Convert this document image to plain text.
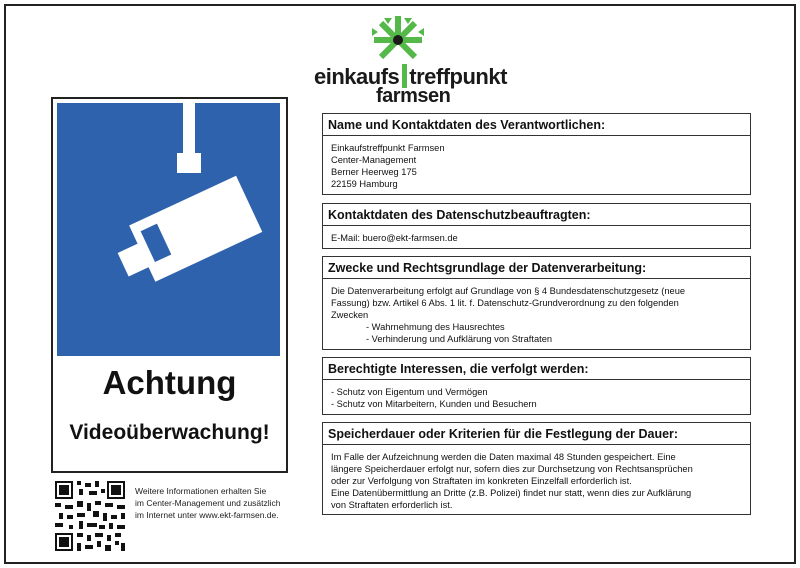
einkaufs treffpunkt
farmsen
Achtung
Videoüberwachung!
Weitere Informationen erhalten Sie
im Center-Management und zusätzlich
im Internet unter www.ekt-farmsen.de.
Name und Kontaktdaten des Verantwortlichen:
Einkaufstreffpunkt Farmsen
Center-Management
Berner Heerweg 175
22159 Hamburg
Kontaktdaten des Datenschutzbeauftragten:
E-Mail: buero@ekt-farmsen.de
Zwecke und Rechtsgrundlage der Datenverarbeitung:
Die Datenverarbeitung erfolgt auf Grundlage von § 4 Bundesdatenschutzgesetz (neue
Fassung) bzw. Artikel 6 Abs. 1 lit. f. Datenschutz-Grundverordnung zu den folgenden
Zwecken
- Wahrnehmung des Hausrechtes
- Verhinderung und Aufklärung von Straftaten
Berechtigte Interessen, die verfolgt werden:
- Schutz von Eigentum und Vermögen
- Schutz von Mitarbeitern, Kunden und Besuchern
Speicherdauer oder Kriterien für die Festlegung der Dauer:
Im Falle der Aufzeichnung werden die Daten maximal 48 Stunden gespeichert. Eine
längere Speicherdauer erfolgt nur, sofern dies zur Durchsetzung von Rechtsansprüchen
oder zur Verfolgung von Straftaten im konkreten Einzelfall erforderlich ist.
Eine Datenübermittlung an Dritte (z.B. Polizei) findet nur statt, wenn dies zur Aufklärung
von Straftaten erforderlich ist.
